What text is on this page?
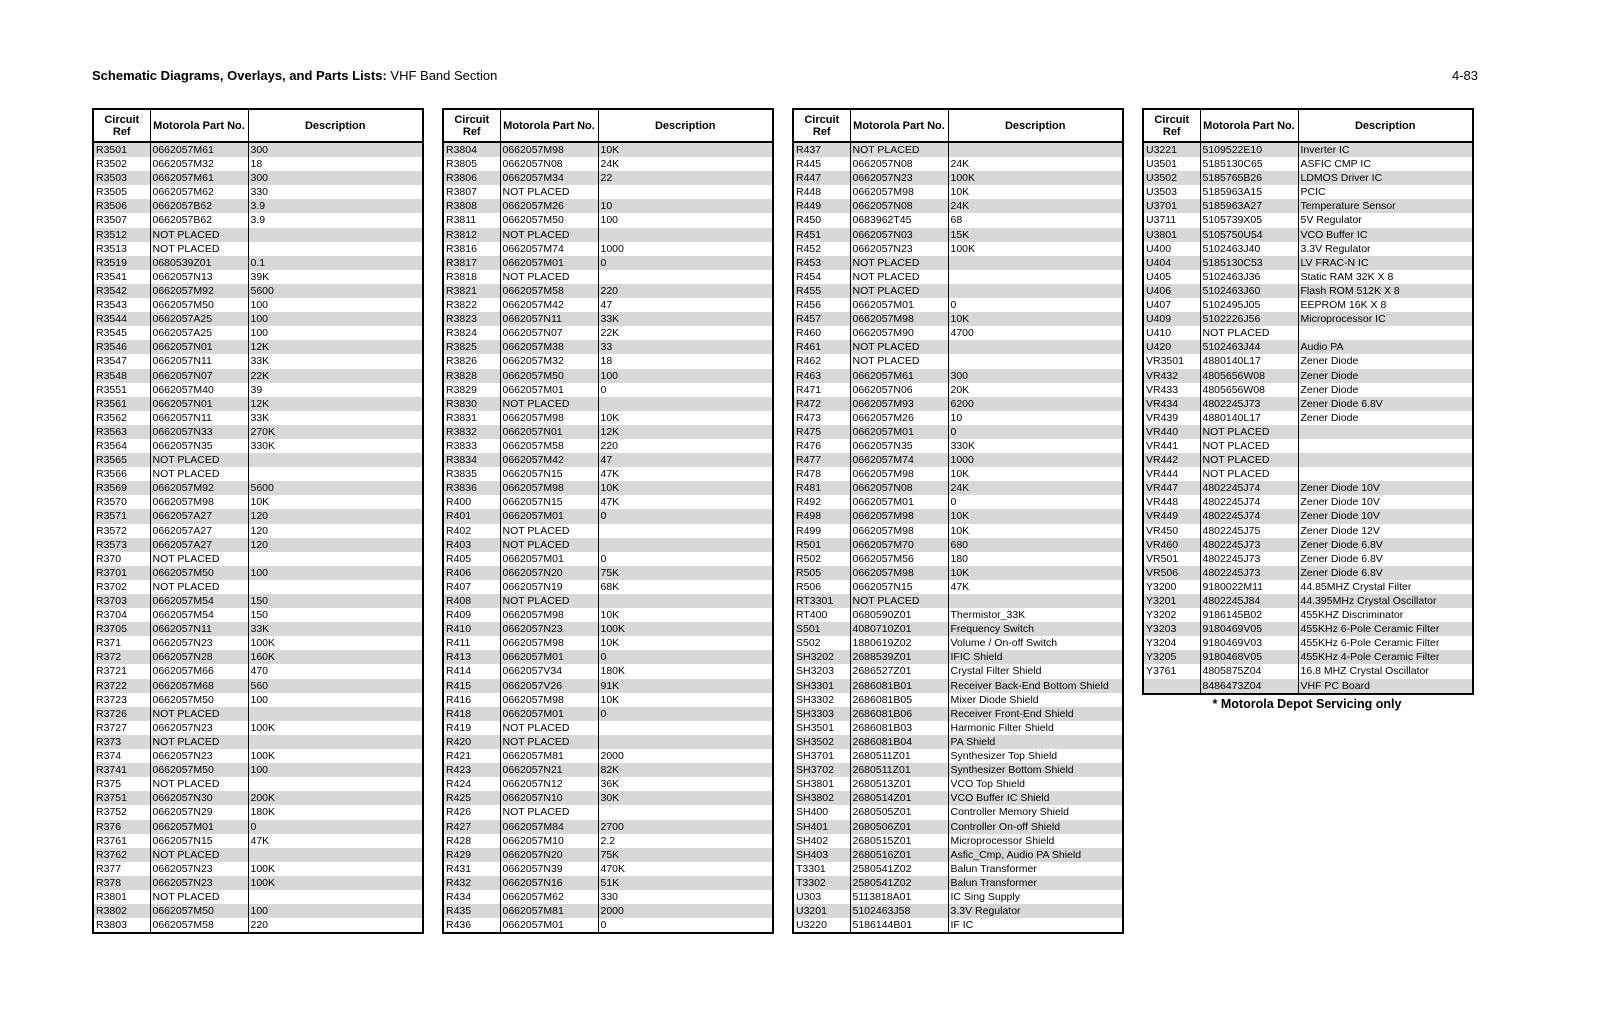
Schematic Diagrams, Overlays, and Parts Lists: VHF Band Section	4-83
Circuit Ref	Motorola Part No.	Description
R3501	0662057M61	300
R3502	0662057M32	18
R3503	0662057M61	300
R3505	0662057M62	330
R3506	0662057B62	3.9
R3507	0662057B62	3.9
R3512	NOT PLACED	
R3513	NOT PLACED	
R3519	0680539Z01	0.1
R3541	0662057N13	39K
R3542	0662057M92	5600
R3543	0662057M50	100
R3544	0662057A25	100
R3545	0662057A25	100
R3546	0662057N01	12K
R3547	0662057N11	33K
R3548	0662057N07	22K
R3551	0662057M40	39
R3561	0662057N01	12K
R3562	0662057N11	33K
R3563	0662057N33	270K
R3564	0662057N35	330K
R3565	NOT PLACED	
R3566	NOT PLACED	
R3569	0662057M92	5600
R3570	0662057M98	10K
R3571	0662057A27	120
R3572	0662057A27	120
R3573	0662057A27	120
R370	NOT PLACED	
R3701	0662057M50	100
R3702	NOT PLACED	
R3703	0662057M54	150
R3704	0662057M54	150
R3705	0662057N11	33K
R371	0662057N23	100K
R372	0662057N28	160K
R3721	0662057M66	470
R3722	0662057M68	560
R3723	0662057M50	100
R3726	NOT PLACED	
R3727	0662057N23	100K
R373	NOT PLACED	
R374	0662057N23	100K
R3741	0662057M50	100
R375	NOT PLACED	
R3751	0662057N30	200K
R3752	0662057N29	180K
R376	0662057M01	0
R3761	0662057N15	47K
R3762	NOT PLACED	
R377	0662057N23	100K
R378	0662057N23	100K
R3801	NOT PLACED	
R3802	0662057M50	100
R3803	0662057M58	220
Circuit Ref	Motorola Part No.	Description
R3804	0662057M98	10K
R3805	0662057N08	24K
R3806	0662057M34	22
R3807	NOT PLACED	
R3808	0662057M26	10
R3811	0662057M50	100
R3812	NOT PLACED	
R3816	0662057M74	1000
R3817	0662057M01	0
R3818	NOT PLACED	
R3821	0662057M58	220
R3822	0662057M42	47
R3823	0662057N11	33K
R3824	0662057N07	22K
R3825	0662057M38	33
R3826	0662057M32	18
R3828	0662057M50	100
R3829	0662057M01	0
R3830	NOT PLACED	
R3831	0662057M98	10K
R3832	0662057N01	12K
R3833	0662057M58	220
R3834	0662057M42	47
R3835	0662057N15	47K
R3836	0662057M98	10K
R400	0662057N15	47K
R401	0662057M01	0
R402	NOT PLACED	
R403	NOT PLACED	
R405	0662057M01	0
R406	0662057N20	75K
R407	0662057N19	68K
R408	NOT PLACED	
R409	0662057M98	10K
R410	0662057N23	100K
R411	0662057M98	10K
R413	0662057M01	0
R414	0662057V34	180K
R415	0662057V26	91K
R416	0662057M98	10K
R418	0662057M01	0
R419	NOT PLACED	
R420	NOT PLACED	
R421	0662057M81	2000
R423	0662057N21	82K
R424	0662057N12	36K
R425	0662057N10	30K
R426	NOT PLACED	
R427	0662057M84	2700
R428	0662057M10	2.2
R429	0662057N20	75K
R431	0662057N39	470K
R432	0662057N16	51K
R434	0662057M62	330
R435	0662057M81	2000
R436	0662057M01	0
Circuit Ref	Motorola Part No.	Description
R437	NOT PLACED	
R445	0662057N08	24K
R447	0662057N23	100K
R448	0662057M98	10K
R449	0662057N08	24K
R450	0683962T45	68
R451	0662057N03	15K
R452	0662057N23	100K
R453	NOT PLACED	
R454	NOT PLACED	
R455	NOT PLACED	
R456	0662057M01	0
R457	0662057M98	10K
R460	0662057M90	4700
R461	NOT PLACED	
R462	NOT PLACED	
R463	0662057M61	300
R471	0662057N06	20K
R472	0662057M93	6200
R473	0662057M26	10
R475	0662057M01	0
R476	0662057N35	330K
R477	0662057M74	1000
R478	0662057M98	10K
R481	0662057N08	24K
R492	0662057M01	0
R498	0662057M98	10K
R499	0662057M98	10K
R501	0662057M70	680
R502	0662057M56	180
R505	0662057M98	10K
R506	0662057N15	47K
RT3301	NOT PLACED	
RT400	0680590Z01	Thermistor_33K
S501	4080710Z01	Frequency Switch
S502	1880619Z02	Volume / On-off Switch
SH3202	2688539Z01	IFIC Shield
SH3203	2686527Z01	Crystal Filter Shield
SH3301	2686081B01	Receiver Back-End Bottom Shield
SH3302	2686081B05	Mixer Diode Shield
SH3303	2686081B06	Receiver Front-End Shield
SH3501	2686081B03	Harmonic Filter Shield
SH3502	2686081B04	PA Shield
SH3701	2680511Z01	Synthesizer Top Shield
SH3702	2680511Z01	Synthesizer Bottom Shield
SH3801	2680513Z01	VCO Top Shield
SH3802	2680514Z01	VCO Buffer IC Shield
SH400	2680505Z01	Controller Memory Shield
SH401	2680506Z01	Controller On-off Shield
SH402	2680515Z01	Microprocessor Shield
SH403	2680516Z01	Asfic_Cmp, Audio PA Shield
T3301	2580541Z02	Balun Transformer
T3302	2580541Z02	Balun Transformer
U303	5113818A01	IC Sing Supply
U3201	5102463J58	3.3V Regulator
U3220	5186144B01	IF IC
Circuit Ref	Motorola Part No.	Description
U3221	5109522E10	Inverter IC
U3501	5185130C65	ASFIC CMP IC
U3502	5185765B26	LDMOS Driver IC
U3503	5185963A15	PCIC
U3701	5185963A27	Temperature Sensor
U3711	5105739X05	5V Regulator
U3801	5105750U54	VCO Buffer IC
U400	5102463J40	3.3V Regulator
U404	5185130C53	LV FRAC-N IC
U405	5102463J36	Static RAM 32K X 8
U406	5102463J60	Flash ROM 512K X 8
U407	5102495J05	EEPROM 16K X 8
U409	5102226J56	Microprocessor IC
U410	NOT PLACED	
U420	5102463J44	Audio PA
VR3501	4880140L17	Zener Diode
VR432	4805656W08	Zener Diode
VR433	4805656W08	Zener Diode
VR434	4802245J73	Zener Diode 6.8V
VR439	4880140L17	Zener Diode
VR440	NOT PLACED	
VR441	NOT PLACED	
VR442	NOT PLACED	
VR444	NOT PLACED	
VR447	4802245J74	Zener Diode 10V
VR448	4802245J74	Zener Diode 10V
VR449	4802245J74	Zener Diode 10V
VR450	4802245J75	Zener Diode 12V
VR460	4802245J73	Zener Diode 6.8V
VR501	4802245J73	Zener Diode 6.8V
VR506	4802245J73	Zener Diode 6.8V
Y3200	9180022M11	44.85MHZ Crystal Filter
Y3201	4802245J84	44.395MHz Crystal Oscillator
Y3202	9186145B02	455KHZ Discriminator
Y3203	9180469V05	455KHz 6-Pole Ceramic Filter
Y3204	9180469V03	455KHz 6-Pole Ceramic Filter
Y3205	9180468V05	455KHz 4-Pole Ceramic Filter
Y3761	4805875Z04	16.8 MHZ Crystal Oscillator
	8486473Z04	VHF PC Board
* Motorola Depot Servicing only
